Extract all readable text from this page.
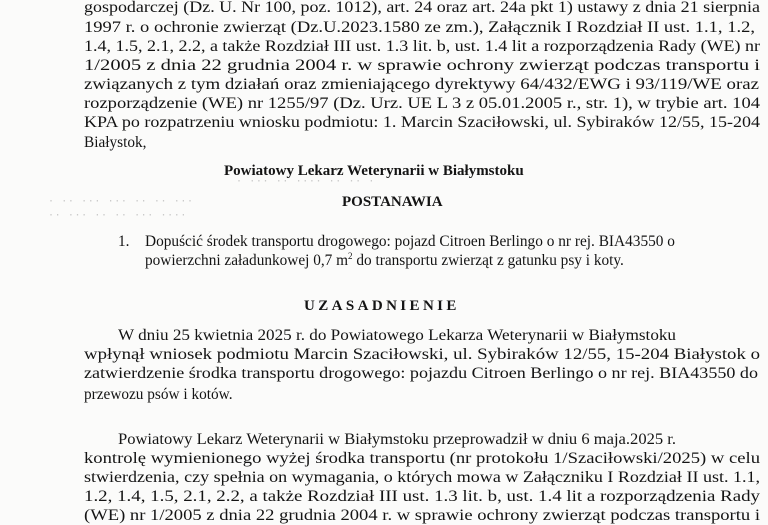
· ··· ·· ···· ·· ·· ·
· ·· ··· ··· ·· ·· ···
·· ··· ·· ·· ··· ····
gospodarczej (Dz. U. Nr 100, poz. 1012), art. 24 oraz art. 24a pkt 1) ustawy z dnia 21 sierpnia
1997 r. o ochronie zwierząt (Dz.U.2023.1580 ze zm.), Załącznik I Rozdział II ust. 1.1, 1.2,
1.4, 1.5, 2.1, 2.2, a także Rozdział III ust. 1.3 lit. b, ust. 1.4 lit a rozporządzenia Rady (WE) nr
1/2005 z dnia 22 grudnia 2004 r. w sprawie ochrony zwierząt podczas transportu i
związanych z tym działań oraz zmieniającego dyrektywy 64/432/EWG i 93/119/WE oraz
rozporządzenie (WE) nr 1255/97 (Dz. Urz. UE L 3 z 05.01.2005 r., str. 1), w trybie art. 104
KPA po rozpatrzeniu wniosku podmiotu: 1. Marcin Szaciłowski, ul. Sybiraków 12/55, 15-204
Białystok,
Powiatowy Lekarz Weterynarii w Białymstoku
POSTANAWIA
1. Dopuścić środek transportu drogowego: pojazd Citroen Berlingo o nr rej. BIA43550 o
powierzchni załadunkowej 0,7 $m^2$ do transportu zwierząt z gatunku psy i koty.
UZASADNIENIE
W dniu 25 kwietnia 2025 r. do Powiatowego Lekarza Weterynarii w Białymstoku
wpłynął wniosek podmiotu Marcin Szaciłowski, ul. Sybiraków 12/55, 15-204 Białystok o
zatwierdzenie środka transportu drogowego: pojazdu Citroen Berlingo o nr rej. BIA43550 do
przewozu psów i kotów.
Powiatowy Lekarz Weterynarii w Białymstoku przeprowadził w dniu 6 maja.2025 r.
kontrolę wymienionego wyżej środka transportu (nr protokołu 1/Szaciłowski/2025) w celu
stwierdzenia, czy spełnia on wymagania, o których mowa w Załączniku I Rozdział II ust. 1.1,
1.2, 1.4, 1.5, 2.1, 2.2, a także Rozdział III ust. 1.3 lit. b, ust. 1.4 lit a rozporządzenia Rady
(WE) nr 1/2005 z dnia 22 grudnia 2004 r. w sprawie ochrony zwierząt podczas transportu i
